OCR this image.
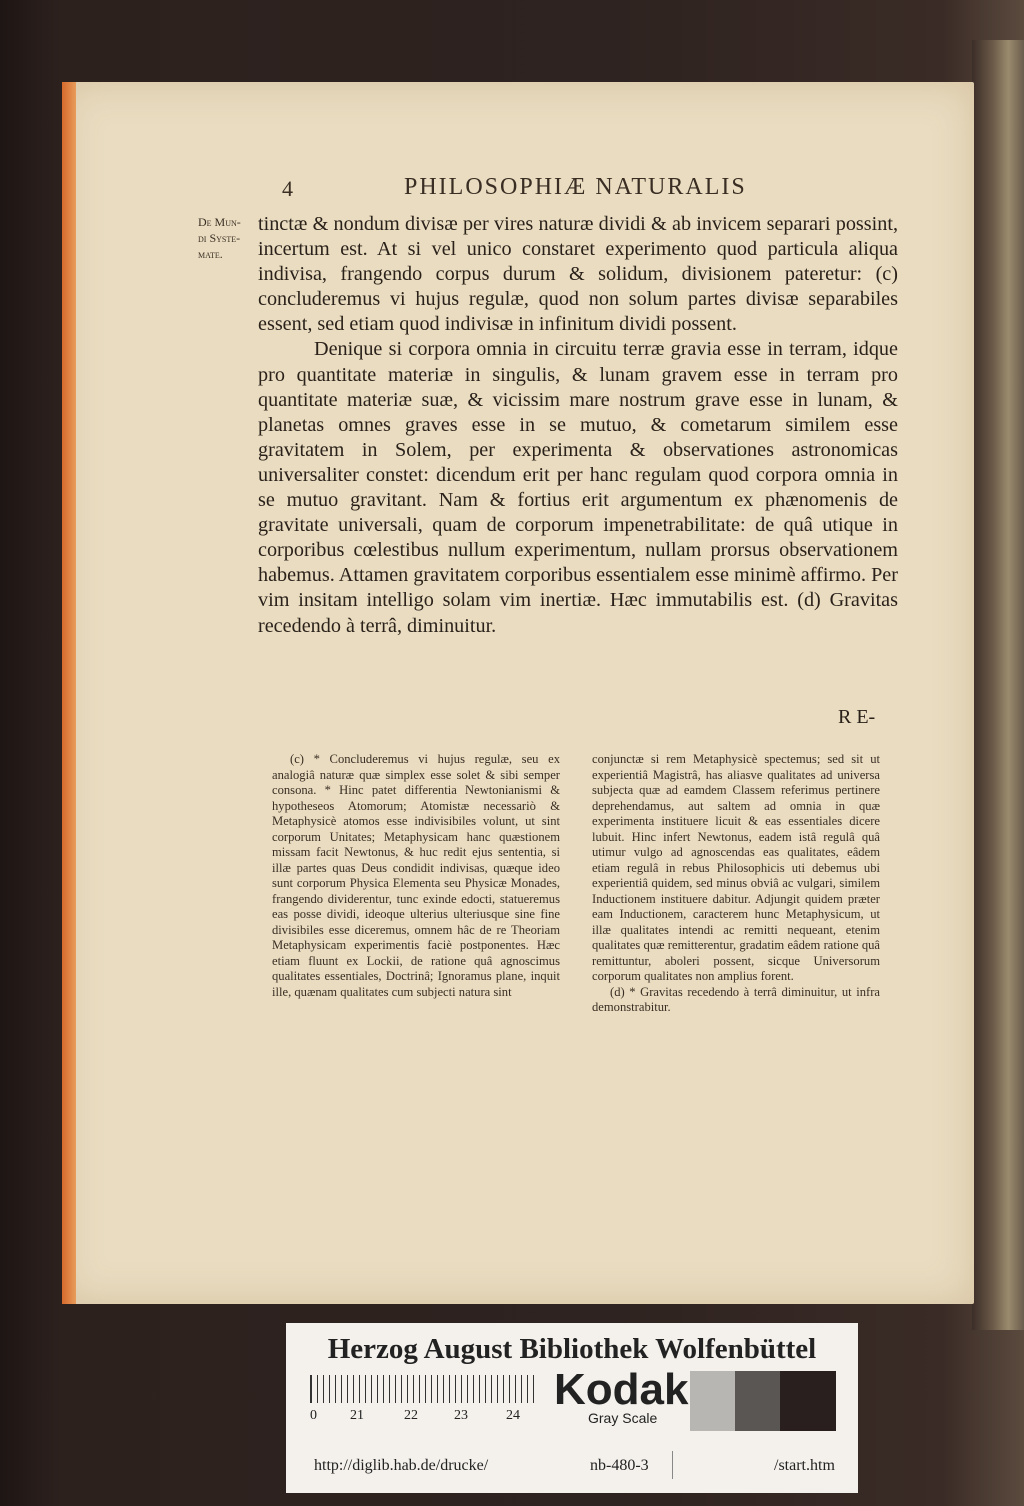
4	PHILOSOPHIÆ NATURALIS
De Mun-
di Syste-
mate.

tinctæ & nondum divisæ per vires naturæ dividi & ab invicem separari possint, incertum est. At si vel unico constaret experimento quod particula aliqua indivisa, frangendo corpus durum & solidum, divisionem pateretur: (c) concluderemus vi hujus regulæ, quod non solum partes divisæ separabiles essent, sed etiam quod indivisæ in infinitum dividi possent.

Denique si corpora omnia in circuitu terræ gravia esse in terram, idque pro quantitate materiæ in singulis, & lunam gravem esse in terram pro quantitate materiæ suæ, & vicissim mare nostrum grave esse in lunam, & planetas omnes graves esse in se mutuo, & cometarum similem esse gravitatem in Solem, per experimenta & observationes astronomicas universaliter constet: dicendum erit per hanc regulam quod corpora omnia in se mutuo gravitant. Nam & fortius erit argumentum ex phænomenis de gravitate universali, quam de corporum impenetrabilitate: de quâ utique in corporibus cœlestibus nullum experimentum, nullam prorsus observationem habemus. Attamen gravitatem corporibus essentialem esse minimè affirmo. Per vim insitam intelligo solam vim inertiæ. Hæc immutabilis est. (d) Gravitas recedendo à terrâ, diminuitur.

R E-

(c) * Concluderemus vi hujus regulæ, seu ex analogiâ naturæ quæ simplex esse solet & sibi semper consona. * Hinc patet differentia Newtonianismi & hypotheseos Atomorum; Atomistæ necessariò & Metaphysicè atomos esse indivisibiles volunt, ut sint corporum Unitates; Metaphysicam hanc quæstionem missam facit Newtonus, & huc redit ejus sententia, si illæ partes quas Deus condidit indivisas, quæque ideo sunt corporum Physica Elementa seu Physicæ Monades, frangendo dividerentur, tunc exinde edocti, statueremus eas posse dividi, ideoque ulterius ulteriusque sine fine divisibiles esse diceremus, omnem hâc de re Theoriam Metaphysicam experimentis faciè postponentes. Hæc etiam fluunt ex Lockii, de ratione quâ agnoscimus qualitates essentiales, Doctrinâ; Ignoramus plane, inquit ille, quænam qualitates cum subjecti natura sint

conjunctæ si rem Metaphysicè spectemus; sed sit ut experientiâ Magistrâ, has aliasve qualitates ad universa subjecta quæ ad eamdem Classem referimus pertinere deprehendamus, aut saltem ad omnia in quæ experimenta instituere licuit & eas essentiales dicere lubuit. Hinc infert Newtonus, eadem istâ regulâ quâ utimur vulgo ad agnoscendas eas qualitates, eâdem etiam regulâ in rebus Philosophicis uti debemus ubi experientiâ quidem, sed minus obviâ ac vulgari, similem Inductionem instituere dabitur. Adjungit quidem præter eam Inductionem, caracterem hunc Metaphysicum, ut illæ qualitates intendi ac remitti nequeant, etenim qualitates quæ remitterentur, gradatim eâdem ratione quâ remittuntur, aboleri possent, sicque Universorum corporum qualitates non amplius forent.

(d) * Gravitas recedendo à terrâ diminuitur, ut infra demonstrabitur.

Herzog August Bibliothek Wolfenbüttel
0 21	22	23	24
Kodak
Gray Scale
http://diglib.hab.de/drucke/	nb-480-3	/start.htm
